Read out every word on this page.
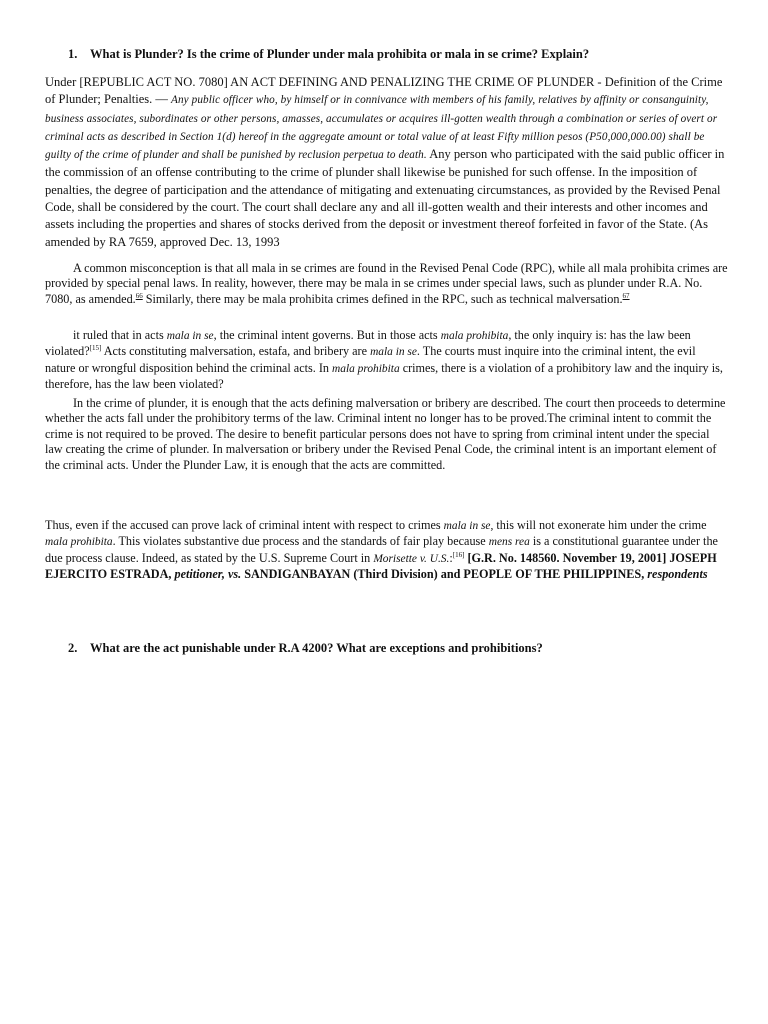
1. What is Plunder? Is the crime of Plunder under mala prohibita or mala in se crime? Explain?
Under [REPUBLIC ACT NO. 7080] AN ACT DEFINING AND PENALIZING THE CRIME OF PLUNDER - Definition of the Crime of Plunder; Penalties. — Any public officer who, by himself or in connivance with members of his family, relatives by affinity or consanguinity, business associates, subordinates or other persons, amasses, accumulates or acquires ill-gotten wealth through a combination or series of overt or criminal acts as described in Section 1(d) hereof in the aggregate amount or total value of at least Fifty million pesos (P50,000,000.00) shall be guilty of the crime of plunder and shall be punished by reclusion perpetua to death. Any person who participated with the said public officer in the commission of an offense contributing to the crime of plunder shall likewise be punished for such offense. In the imposition of penalties, the degree of participation and the attendance of mitigating and extenuating circumstances, as provided by the Revised Penal Code, shall be considered by the court. The court shall declare any and all ill-gotten wealth and their interests and other incomes and assets including the properties and shares of stocks derived from the deposit or investment thereof forfeited in favor of the State. (As amended by RA 7659, approved Dec. 13, 1993
A common misconception is that all mala in se crimes are found in the Revised Penal Code (RPC), while all mala prohibita crimes are provided by special penal laws. In reality, however, there may be mala in se crimes under special laws, such as plunder under R.A. No. 7080, as amended.$^{66}$ Similarly, there may be mala prohibita crimes defined in the RPC, such as technical malversation.$^{67}$
it ruled that in acts mala in se, the criminal intent governs. But in those acts mala prohibita, the only inquiry is: has the law been violated?[15] Acts constituting malversation, estafa, and bribery are mala in se. The courts must inquire into the criminal intent, the evil nature or wrongful disposition behind the criminal acts. In mala prohibita crimes, there is a violation of a prohibitory law and the inquiry is, therefore, has the law been violated?
In the crime of plunder, it is enough that the acts defining malversation or bribery are described. The court then proceeds to determine whether the acts fall under the prohibitory terms of the law. Criminal intent no longer has to be proved.The criminal intent to commit the crime is not required to be proved. The desire to benefit particular persons does not have to spring from criminal intent under the special law creating the crime of plunder. In malversation or bribery under the Revised Penal Code, the criminal intent is an important element of the criminal acts. Under the Plunder Law, it is enough that the acts are committed.
Thus, even if the accused can prove lack of criminal intent with respect to crimes mala in se, this will not exonerate him under the crime mala prohibita. This violates substantive due process and the standards of fair play because mens rea is a constitutional guarantee under the due process clause. Indeed, as stated by the U.S. Supreme Court in Morisette v. U.S.:[16] [G.R. No. 148560. November 19, 2001] JOSEPH EJERCITO ESTRADA, petitioner, vs. SANDIGANBAYAN (Third Division) and PEOPLE OF THE PHILIPPINES, respondents
2. What are the act punishable under R.A 4200? What are exceptions and prohibitions?
